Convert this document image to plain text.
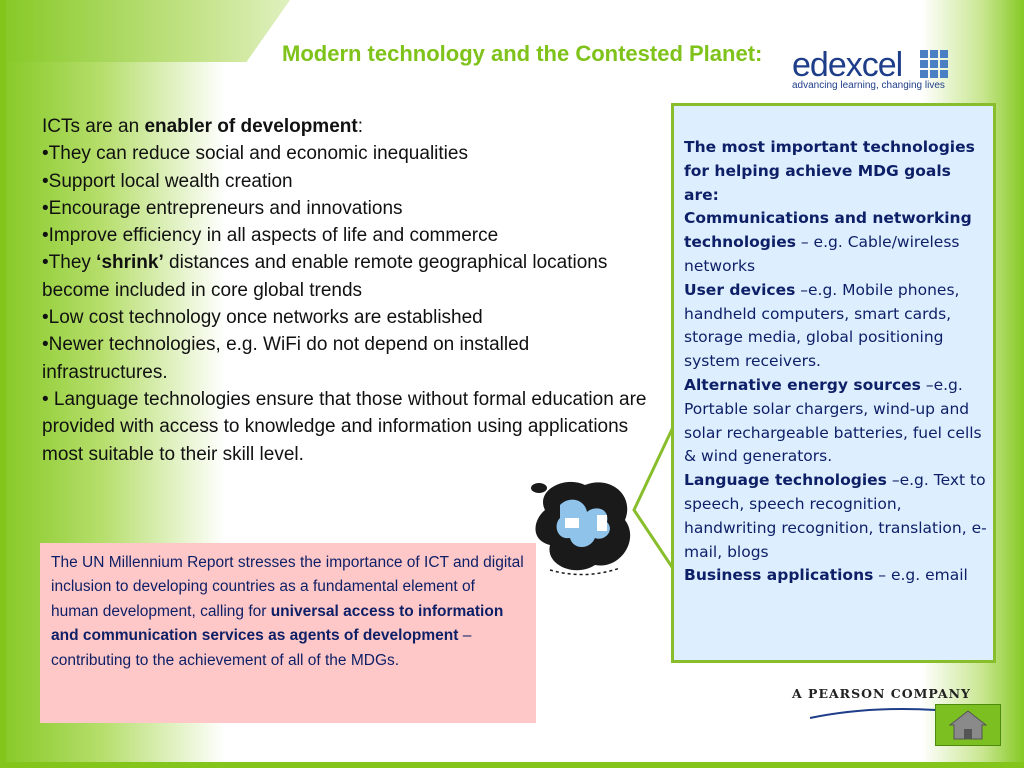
Modern technology and the Contested Planet: edexcel
advancing learning, changing lives

ICTs are an enabler of development:

•They can reduce social and economic inequalities

•Support local wealth creation

•Encourage entrepreneurs and innovations

•Improve efficiency in all aspects of life and commerce

•They ‘shrink’ distances and enable remote geographical locations become included in core global trends

•Low cost technology once networks are established

•Newer technologies, e.g. WiFi do not depend on installed infrastructures.

• Language technologies ensure that those without formal education are provided with access to knowledge and information using applications most suitable to their skill level.

The most important technologies for helping achieve MDG goals are:

Communications and networking technologies – e.g. Cable/wireless networks

User devices –e.g. Mobile phones, handheld computers, smart cards, storage media, global positioning system receivers.

Alternative energy sources –e.g. Portable solar chargers, wind-up and solar rechargeable batteries, fuel cells & wind generators.

Language technologies –e.g. Text to speech, speech recognition, handwriting recognition, translation, e-mail, blogs

Business applications – e.g. email

The UN Millennium Report stresses the importance of ICT and digital inclusion to developing countries as a fundamental element of human development, calling for universal access to information and communication services as agents of development – contributing to the achievement of all of the MDGs.

A PEARSON COMPANY
